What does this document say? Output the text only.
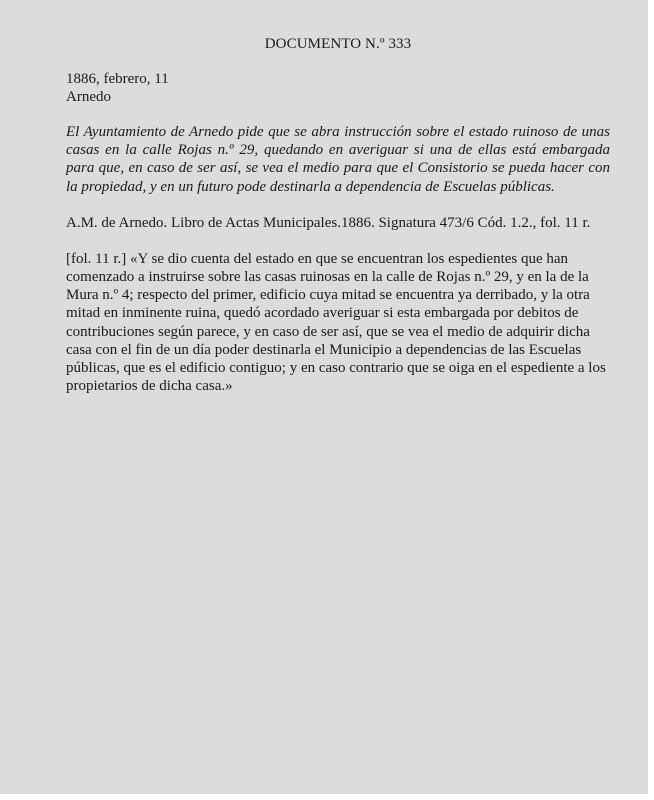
DOCUMENTO N.º 333

1886, febrero, 11

Arnedo

El Ayuntamiento de Arnedo pide que se abra instrucción sobre el estado ruinoso de unas casas en la calle Rojas n.º 29, quedando en averiguar si una de ellas está embargada para que, en caso de ser así, se vea el medio para que el Consistorio se pueda hacer con la propiedad, y en un futuro pode destinarla a dependencia de Escuelas públicas.

A.M. de Arnedo. Libro de Actas Municipales.1886. Signatura 473/6 Cód. 1.2., fol. 11 r.

[fol. 11 r.] «Y se dio cuenta del estado en que se encuentran los espedientes que han comenzado a instruirse sobre las casas ruinosas en la calle de Rojas n.º 29, y en la de la Mura n.º 4; respecto del primer, edificio cuya mitad se encuentra ya derribado, y la otra mitad en inminente ruina, quedó acordado averiguar si esta embargada por debitos de contribuciones según parece, y en caso de ser así, que se vea el medio de adquirir dicha casa con el fin de un día poder destinarla el Municipio a dependencias de las Escuelas públicas, que es el edificio contiguo; y en caso contrario que se oiga en el espediente a los propietarios de dicha casa.»
